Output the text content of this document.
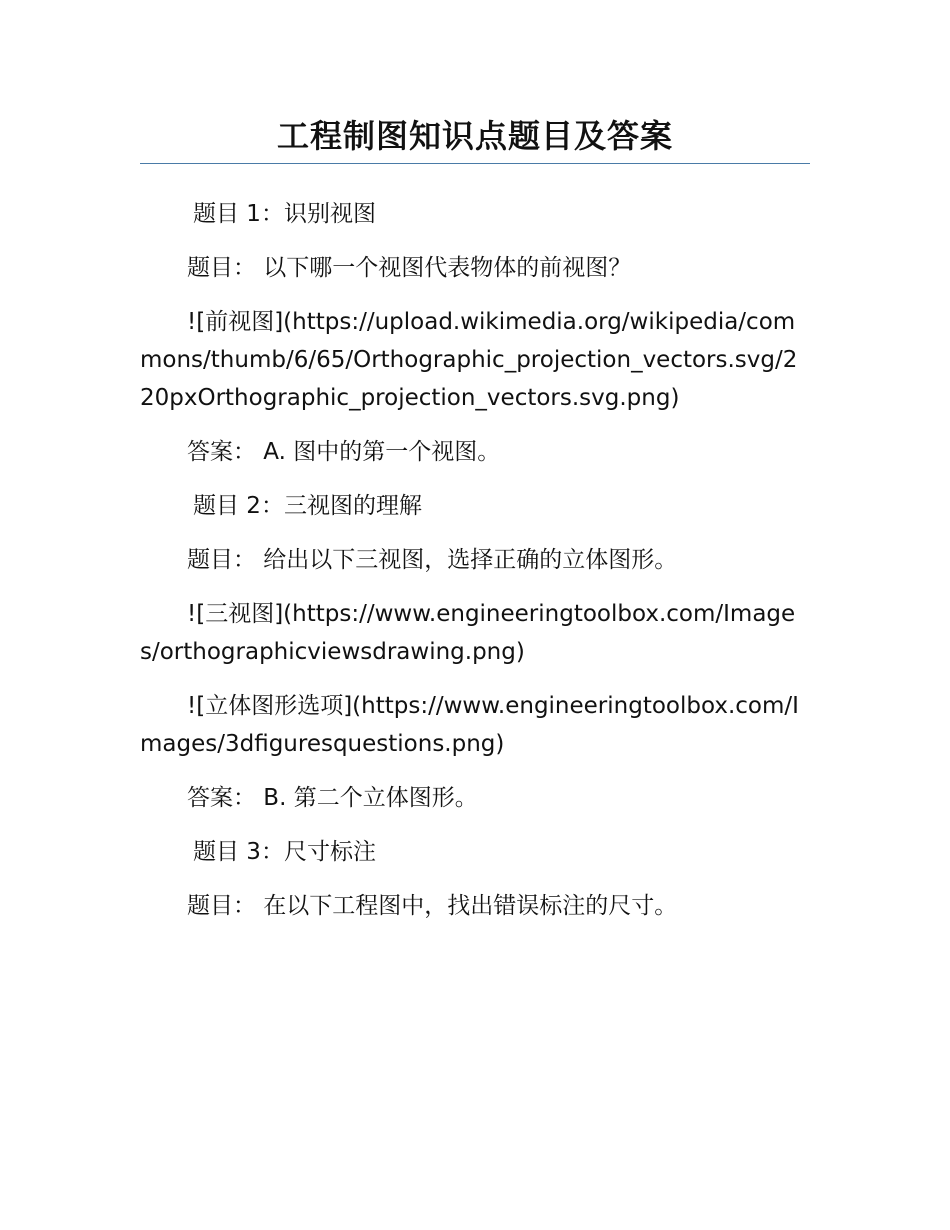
工程制图知识点题目及答案

题目 1：识别视图

题目： 以下哪一个视图代表物体的前视图？

![前视图](https://upload.wikimedia.org/wikipedia/commons/thumb/6/65/Orthographic_projection_vectors.svg/220pxOrthographic_projection_vectors.svg.png)

答案： A. 图中的第一个视图。

题目 2：三视图的理解

题目： 给出以下三视图，选择正确的立体图形。

![三视图](https://www.engineeringtoolbox.com/Images/orthographicviewsdrawing.png)

![立体图形选项](https://www.engineeringtoolbox.com/Images/3dfiguresquestions.png)

答案： B. 第二个立体图形。

题目 3：尺寸标注

题目： 在以下工程图中，找出错误标注的尺寸。
